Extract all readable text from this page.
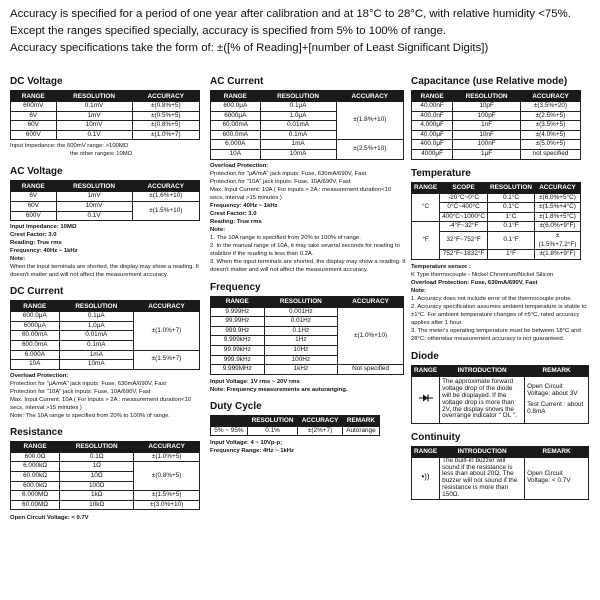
Accuracy is specified for a period of one year after calibration and at 18°C to 28°C, with relative humidity <75%.

Except the ranges specified specially, accuracy is specified from 5% to 100% of range.

Accuracy specifications take the form of: ±([% of Reading]+[number of Least Significant Digits])

DC Voltage
RANGE	RESOLUTION	ACCURACY
600mV	0.1mV	±(0.8%+5)
6V	1mV	±(0.5%+5)
60V	10mV	±(0.8%+5)
600V	0.1V	±(1.0%+7)

Input Impedance: the 600mV range: >100MΩ

the other ranges: 10MΩ

AC Voltage
RANGE	RESOLUTION	ACCURACY
6V	1mV	±(1.6%+10)
60V	10mV	±(1.5%+10)
600V	0.1V	

Input Impedance: 10MΩ

Crest Factor: 3.0

Reading: True rms

Frequency: 40Hz ~ 1kHz

Note:

When the input terminals are shorted, the display may show a reading. It doesn't matter and will not affect the measurement accuracy.

DC Current
RANGE	RESOLUTION	ACCURACY
600.0μA	0.1μA	±(1.0%+7)
6000μA	1.0μA	
60.00mA	0.01mA	
600.0mA	0.1mA	
6.000A	1mA	±(1.5%+7)
10A	10mA	

Overload Protection:

Protection for "μA/mA" jack inputs: Fuse, 630mA/690V, Fast

Protection for "10A" jack inputs: Fuse, 10A/690V, Fast

Max. Input Current: 10A ( For inputs > 2A : measurement duration<10 secs, interval >15 minutes )

Note: The 10A range is specified from 20% to 100% of range.

Resistance
RANGE	RESOLUTION	ACCURACY
600.0Ω	0.1Ω	±(1.0%+5)
6.000kΩ	1Ω	±(0.8%+5)
60.00kΩ	10Ω	
600.0kΩ	100Ω	
6.000MΩ	1kΩ	±(1.5%+5)
60.00MΩ	10kΩ	±(3.0%+10)

Open Circuit Voltage: < 0.7V

AC Current
RANGE	RESOLUTION	ACCURACY
600.0μA	0.1μA	±(1.8%+10)
6000μA	1.0μA	
60.00mA	0.01mA	
600.0mA	0.1mA	
6.000A	1mA	±(2.5%+10)
10A	10mA	

Overload Protection:

Protection for "μA/mA" jack inputs: Fuse, 630mA/690V, Fast

Protection for "10A" jack inputs: Fuse, 10A/690V, Fast

Max. Input Current: 10A ( For inputs > 2A : measurement duration<10 secs, interval >15 minutes )

Frequency: 40Hz ~ 1kHz

Crest Factor: 3.0

Reading: True rms

Note:

1. The 10A range is specified from 20% to 100% of range.

2. In the manual range of 10A, it may take several seconds for reading to stabilize if the reading is less than 0.2A.

3. When the input terminals are shorted, the display may show a reading. It doesn't matter and will not affect the measurement accuracy.

Frequency
RANGE	RESOLUTION	ACCURACY
9.999Hz	0.001Hz	±(1.0%+10)
99.99Hz	0.01Hz	
999.9Hz	0.1Hz	
9.999kHz	1Hz	
99.99kHz	10Hz	
999.9kHz	100Hz	
9.999MHz	1kHz	Not specified

Input Voltage: 1V rms ~ 20V rms

Note: Frequency measurements are autoranging.

Duty Cycle
	RESOLUTION	ACCURACY	REMARK
5% ~ 95%	0.1%	±(2%+7)	Autorange

Input Voltage: 4 ~ 10Vp-p;

Frequency Range: 4Hz ~ 1kHz

Capacitance (use Relative mode)
RANGE	RESOLUTION	ACCURACY
40.00nF	10pF	±(3.5%+20)
400.0nF	100pF	±(2.5%+5)
4.000μF	1nF	±(3.5%+5)
40.00μF	10nF	±(4.0%+5)
400.0μF	100nF	±(5.0%+5)
4000μF	1μF	not specified
Temperature
RANGE	SCOPE	RESOLUTION	ACCURACY
°C	-20°C~0°C	0.1°C	±(6.0%+5°C)
	0°C~400°C	0.1°C	±(1.5%+4°C)
	400°C~1000°C	1°C	±(1.8%+5°C)
°F	-4°F~32°F	0.1°F	±(6.0%+9°F)
	32°F~752°F	0.1°F	±(1.5%+7.2°F)
	752°F~1832°F	1°F	±(1.8%+9°F)

Temperature sensor :

K Type thermocouple - Nickel Chromium/Nickel Silicon

Overload Protection: Fuse, 630mA/690V, Fast

Note:

1. Accuracy does not include error of the thermocouple probe.

2. Accuracy specification assumes ambient temperature is stable to ±1°C. For ambient temperature changes of ±5°C, rated accuracy applies after 1 hour.

3. The meter's operating temperature must be between 18°C and 28°C; otherwise measurement accuracy is not guaranteed.

Diode
RANGE	INTRODUCTION	REMARK
	The approximate forward voltage drop of the diode will be displayed. If the voltage drop is more than 2V, the display shows the overrange indicator " OL ".	Open Circuit Voltage: about 3V
Test Current : about 0.8mA
Continuity
RANGE	INTRODUCTION	REMARK
•))	The built-in buzzer will sound if the resistance is less than about 20Ω. The buzzer will not sound if the resistance is more than 150Ω.	Open Circuit Voltage: < 0.7V
